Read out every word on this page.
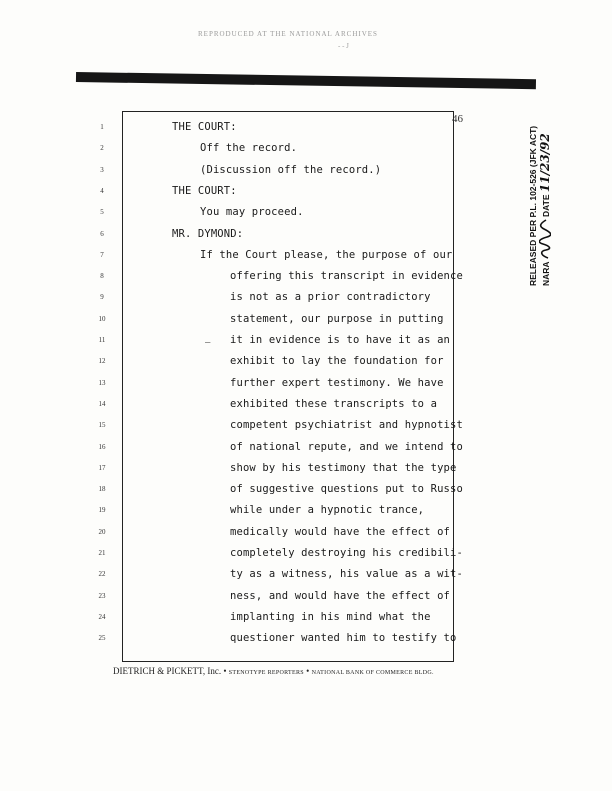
REPRODUCED AT THE NATIONAL ARCHIVES
- - J
46
1	THE COURT:
2	Off the record.
3	(Discussion off the record.)
4	THE COURT:
5	You may proceed.
6	MR. DYMOND:
7	If the Court please, the purpose of our
8	offering this transcript in evidence
9	is not as a prior contradictory
10	statement, our purpose in putting
11	it in evidence is to have it as an
12	exhibit to lay the foundation for
13	further expert testimony. We have
14	exhibited these transcripts to a
15	competent psychiatrist and hypnotist
16	of national repute, and we intend to
17	show by his testimony that the type
18	of suggestive questions put to Russo
19	while under a hypnotic trance,
20	medically would have the effect of
21	completely destroying his credibili-
22	ty as a witness, his value as a wit-
23	ness, and would have the effect of
24	implanting in his mind what the
25	questioner wanted him to testify to
–
RELEASED PER P.L. 102-526 (JFK ACT) NARA  DATE 11/23/92
DIETRICH & PICKETT, Inc. • STENOTYPE REPORTERS • NATIONAL BANK OF COMMERCE BLDG.
